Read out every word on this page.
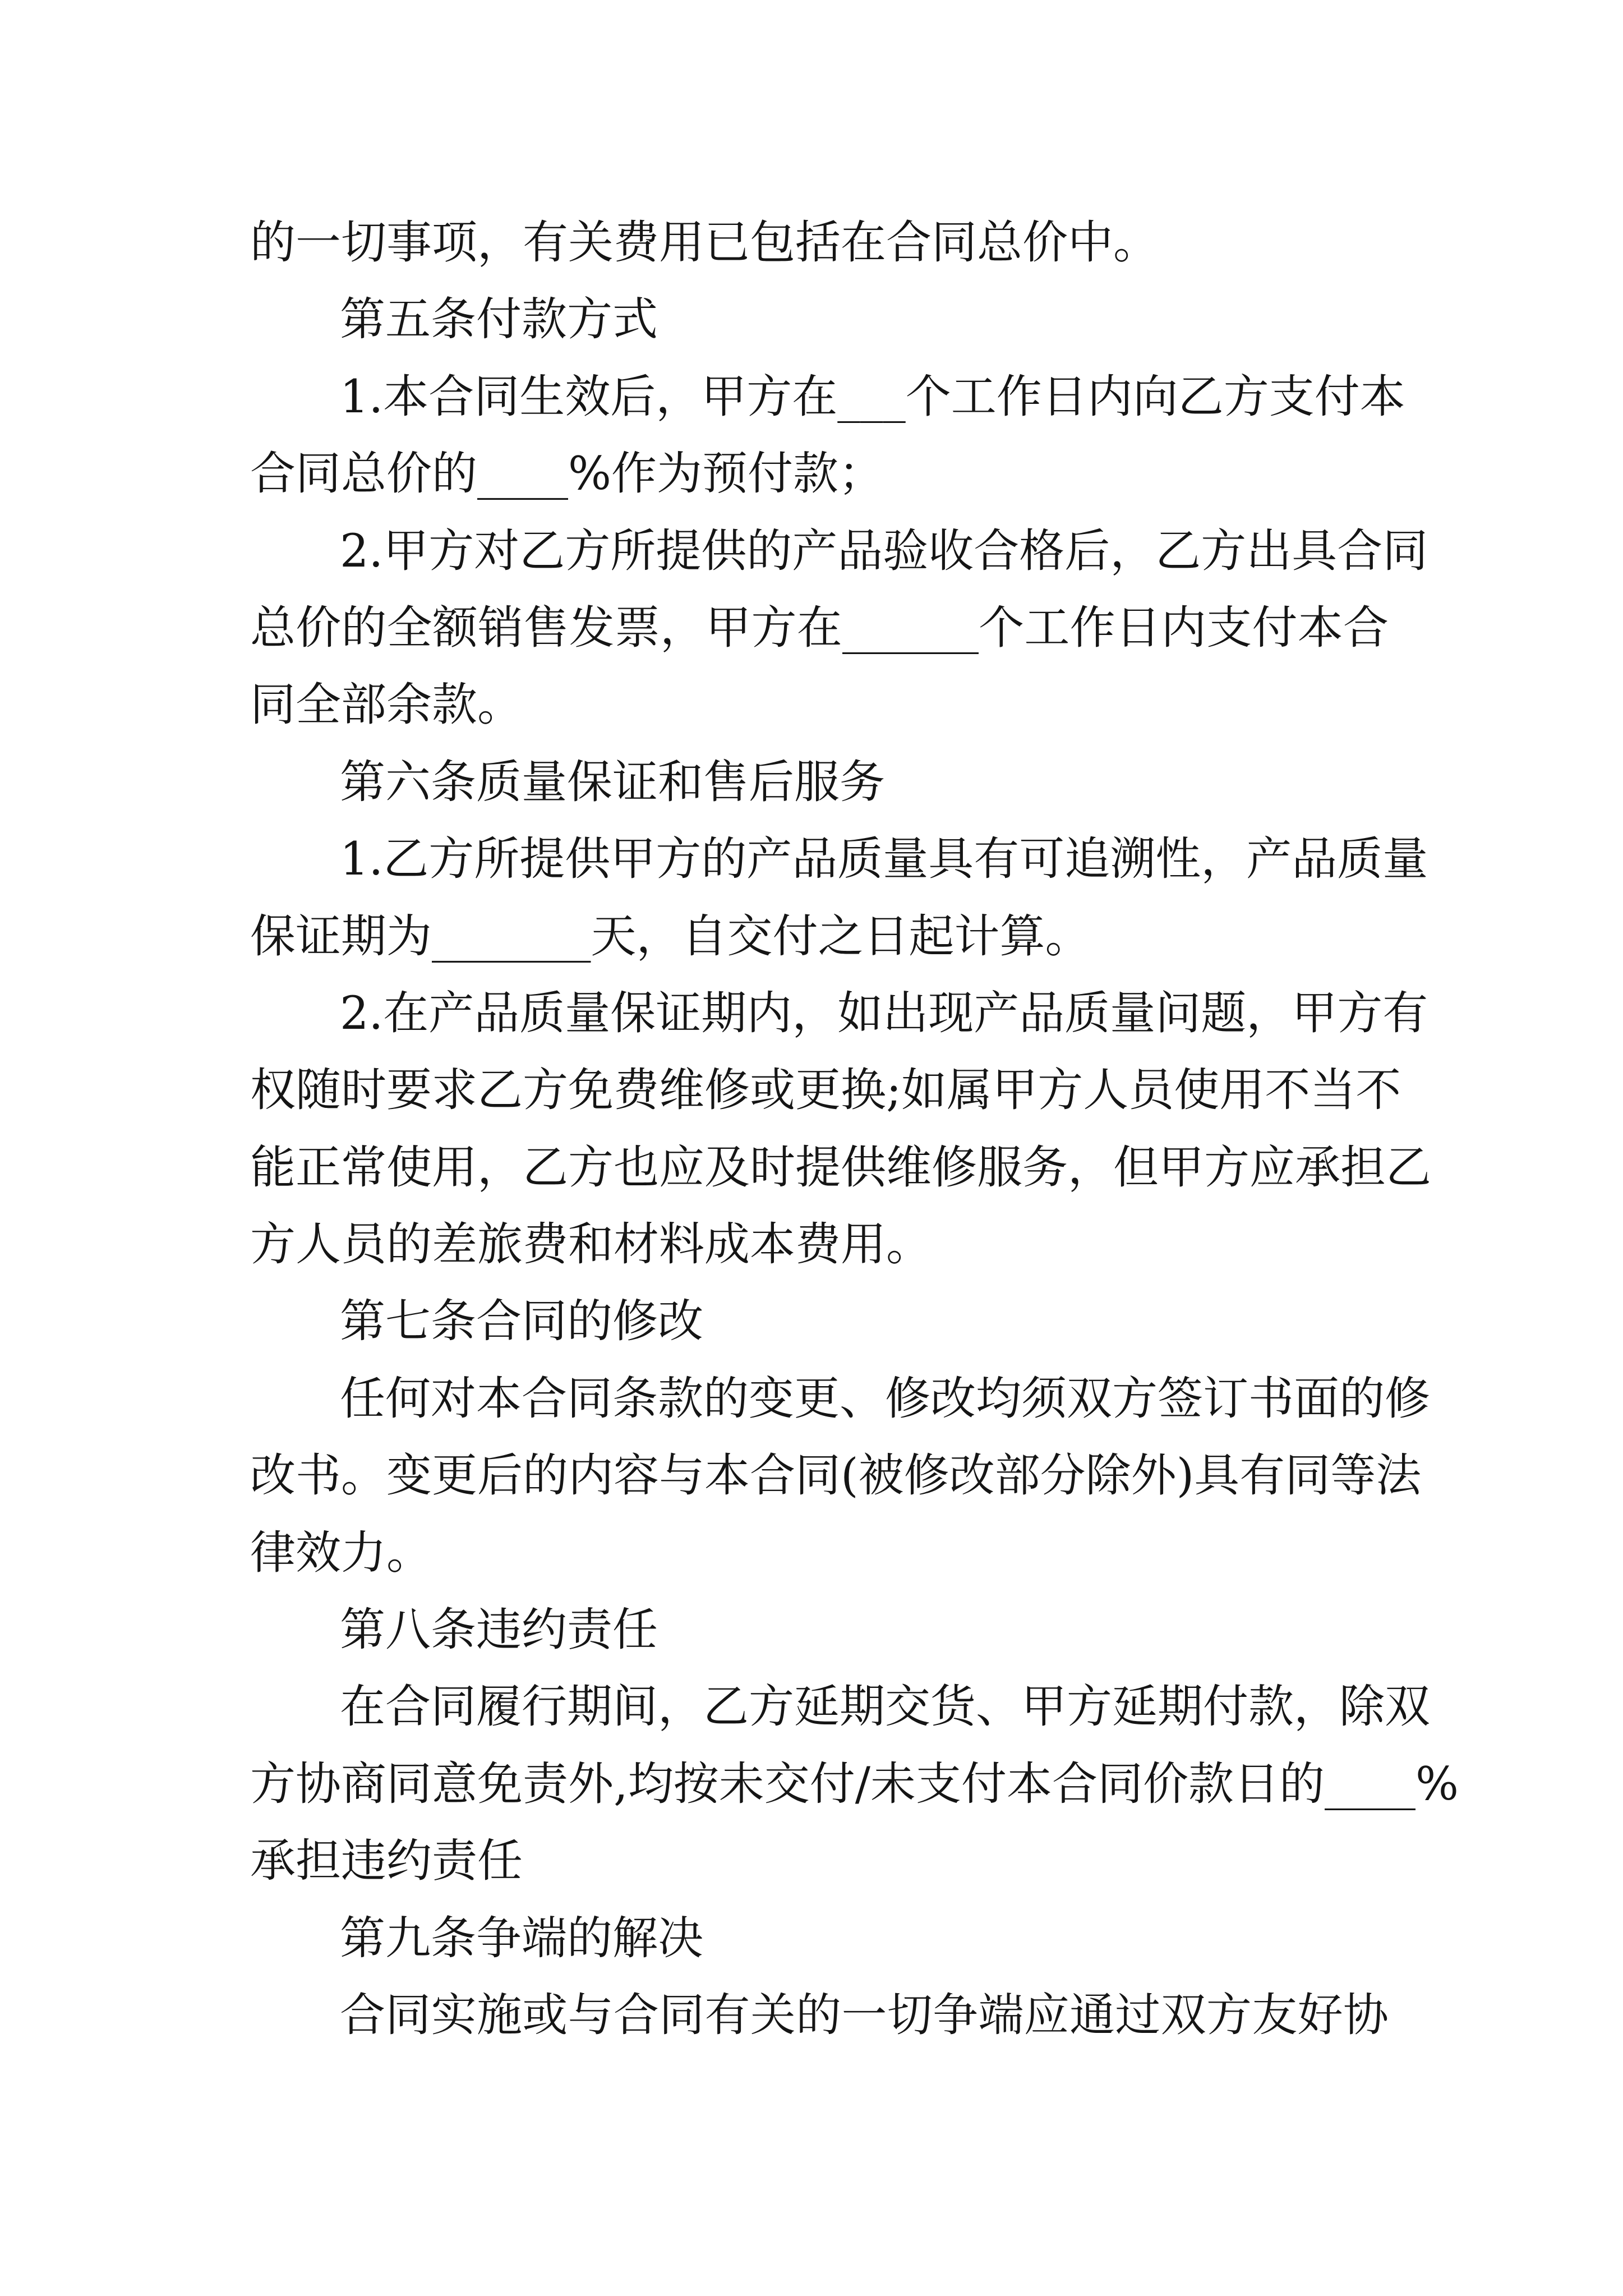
的一切事项，有关费用已包括在合同总价中。
第五条付款方式
1.本合同生效后，甲方在___个工作日内向乙方支付本
合同总价的____%作为预付款；
2.甲方对乙方所提供的产品验收合格后，乙方出具合同
总价的全额销售发票，甲方在______个工作日内支付本合
同全部余款。
第六条质量保证和售后服务
1.乙方所提供甲方的产品质量具有可追溯性，产品质量
保证期为_______天，自交付之日起计算。
2.在产品质量保证期内，如出现产品质量问题，甲方有
权随时要求乙方免费维修或更换;如属甲方人员使用不当不
能正常使用，乙方也应及时提供维修服务，但甲方应承担乙
方人员的差旅费和材料成本费用。
第七条合同的修改
任何对本合同条款的变更、修改均须双方签订书面的修
改书。变更后的内容与本合同(被修改部分除外)具有同等法
律效力。
第八条违约责任
在合同履行期间，乙方延期交货、甲方延期付款，除双
方协商同意免责外,均按未交付/未支付本合同价款日的____%
承担违约责任
第九条争端的解决
合同实施或与合同有关的一切争端应通过双方友好协
